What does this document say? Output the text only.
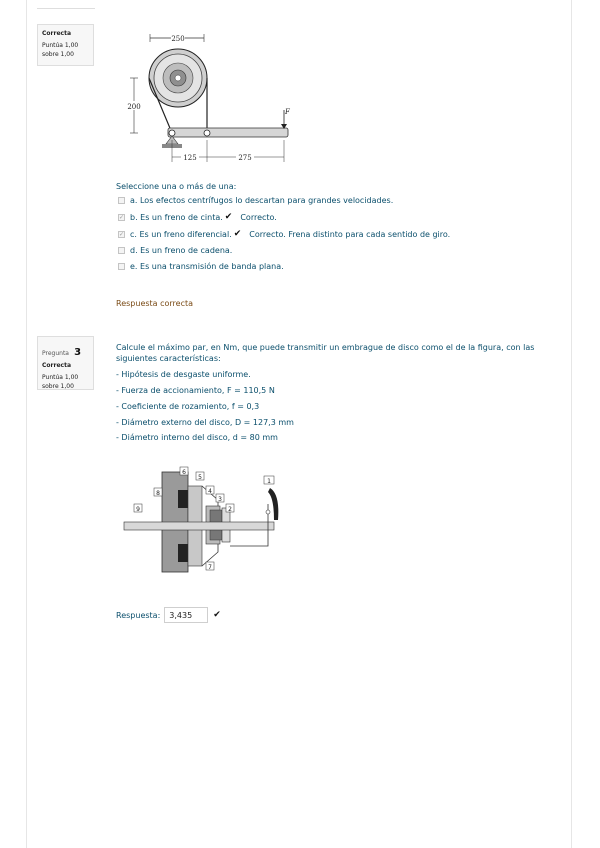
Correcta
Puntúa 1,00
sobre 1,00
250
200
F
125	275
Seleccione una o más de una:
a. Los efectos centrífugos lo descartan para grandes velocidades.
✓ b. Es un freno de cinta. ✔ Correcto.
✓ c. Es un freno diferencial. ✔ Correcto. Frena distinto para cada sentido de giro.
d. Es un freno de cadena.
e. Es una transmisión de banda plana.
Respuesta correcta
Pregunta 3
Correcta
Puntúa 1,00
sobre 1,00
Calcule el máximo par, en Nm, que puede transmitir un embrague de disco como el de la figura, con las siguientes características:
- Hipótesis de desgaste uniforme.
- Fuerza de accionamiento, F = 110,5 N
- Coeficiente de rozamiento, f = 0,3
- Diámetro externo del disco, D = 127,3 mm
- Diámetro interno del disco, d = 80 mm
6
5
8	4
3
2
1
9
7
Respuesta:	3,435	✔
